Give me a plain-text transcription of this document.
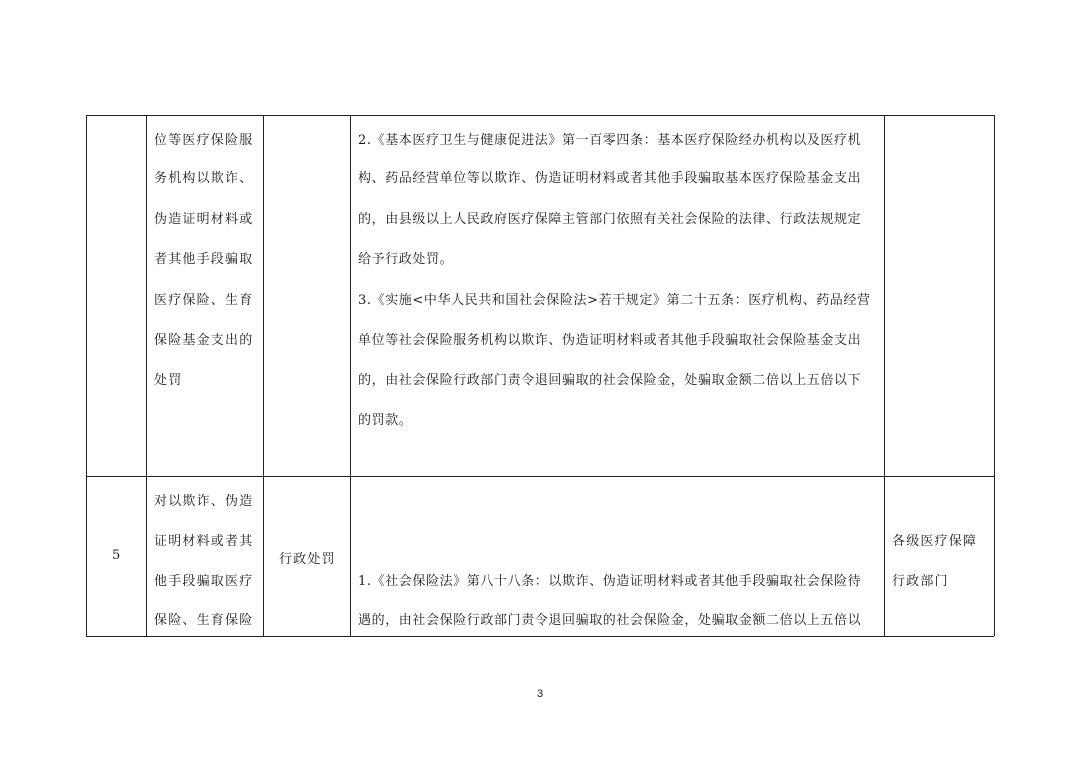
位等医疗保险服
务机构以欺诈、
伪造证明材料或
者其他手段骗取
医疗保险、生育
保险基金支出的
处罚
2.《基本医疗卫生与健康促进法》第一百零四条：基本医疗保险经办机构以及医疗机
构、药品经营单位等以欺诈、伪造证明材料或者其他手段骗取基本医疗保险基金支出
的，由县级以上人民政府医疗保障主管部门依照有关社会保险的法律、行政法规规定
给予行政处罚。
3.《实施<中华人民共和国社会保险法>若干规定》第二十五条：医疗机构、药品经营
单位等社会保险服务机构以欺诈、伪造证明材料或者其他手段骗取社会保险基金支出
的，由社会保险行政部门责令退回骗取的社会保险金，处骗取金额二倍以上五倍以下
的罚款。
5
对以欺诈、伪造
证明材料或者其
他手段骗取医疗
保险、生育保险
行政处罚
1.《社会保险法》第八十八条：以欺诈、伪造证明材料或者其他手段骗取社会保险待
遇的，由社会保险行政部门责令退回骗取的社会保险金，处骗取金额二倍以上五倍以
各级医疗保障
行政部门
3
